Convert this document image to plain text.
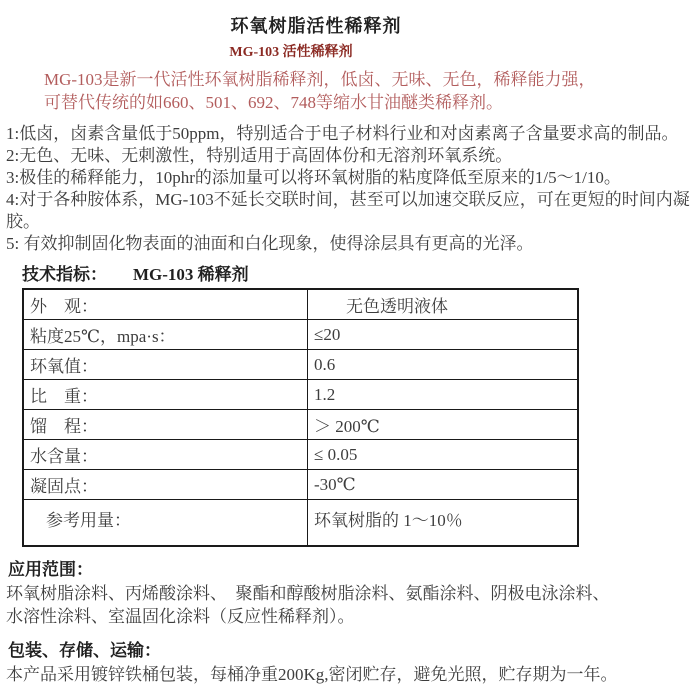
环氧树脂活性稀释剂
MG-103 活性稀释剂
MG-103是新一代活性环氧树脂稀释剂，低卤、无味、无色，稀释能力强，
可替代传统的如660、501、692、748等缩水甘油醚类稀释剂。
1:低卤，卤素含量低于50ppm，特别适合于电子材料行业和对卤素离子含量要求高的制品。
2:无色、无味、无刺激性，特别适用于高固体份和无溶剂环氧系统。
3:极佳的稀释能力，10phr的添加量可以将环氧树脂的粘度降低至原来的1/5～1/10。
4:对于各种胺体系，MG-103不延长交联时间，甚至可以加速交联反应，可在更短的时间内凝胶。
5: 有效抑制固化物表面的油面和白化现象，使得涂层具有更高的光泽。
技术指标： MG-103 稀释剂
外　观：	无色透明液体
粘度25℃，mpa·s：	≤20
环氧值：	0.6
比　重：	1.2
馏　程：	＞ 200℃
水含量：	≤ 0.05
凝固点：	-30℃
参考用量：	环氧树脂的 1～10％
应用范围：
环氧树脂涂料、丙烯酸涂料、　聚酯和醇酸树脂涂料、氨酯涂料、阴极电泳涂料、
水溶性涂料、室温固化涂料（反应性稀释剂）。
包装、存储、运输：
本产品采用镀锌铁桶包装，每桶净重200Kg,密闭贮存，避免光照，贮存期为一年。
